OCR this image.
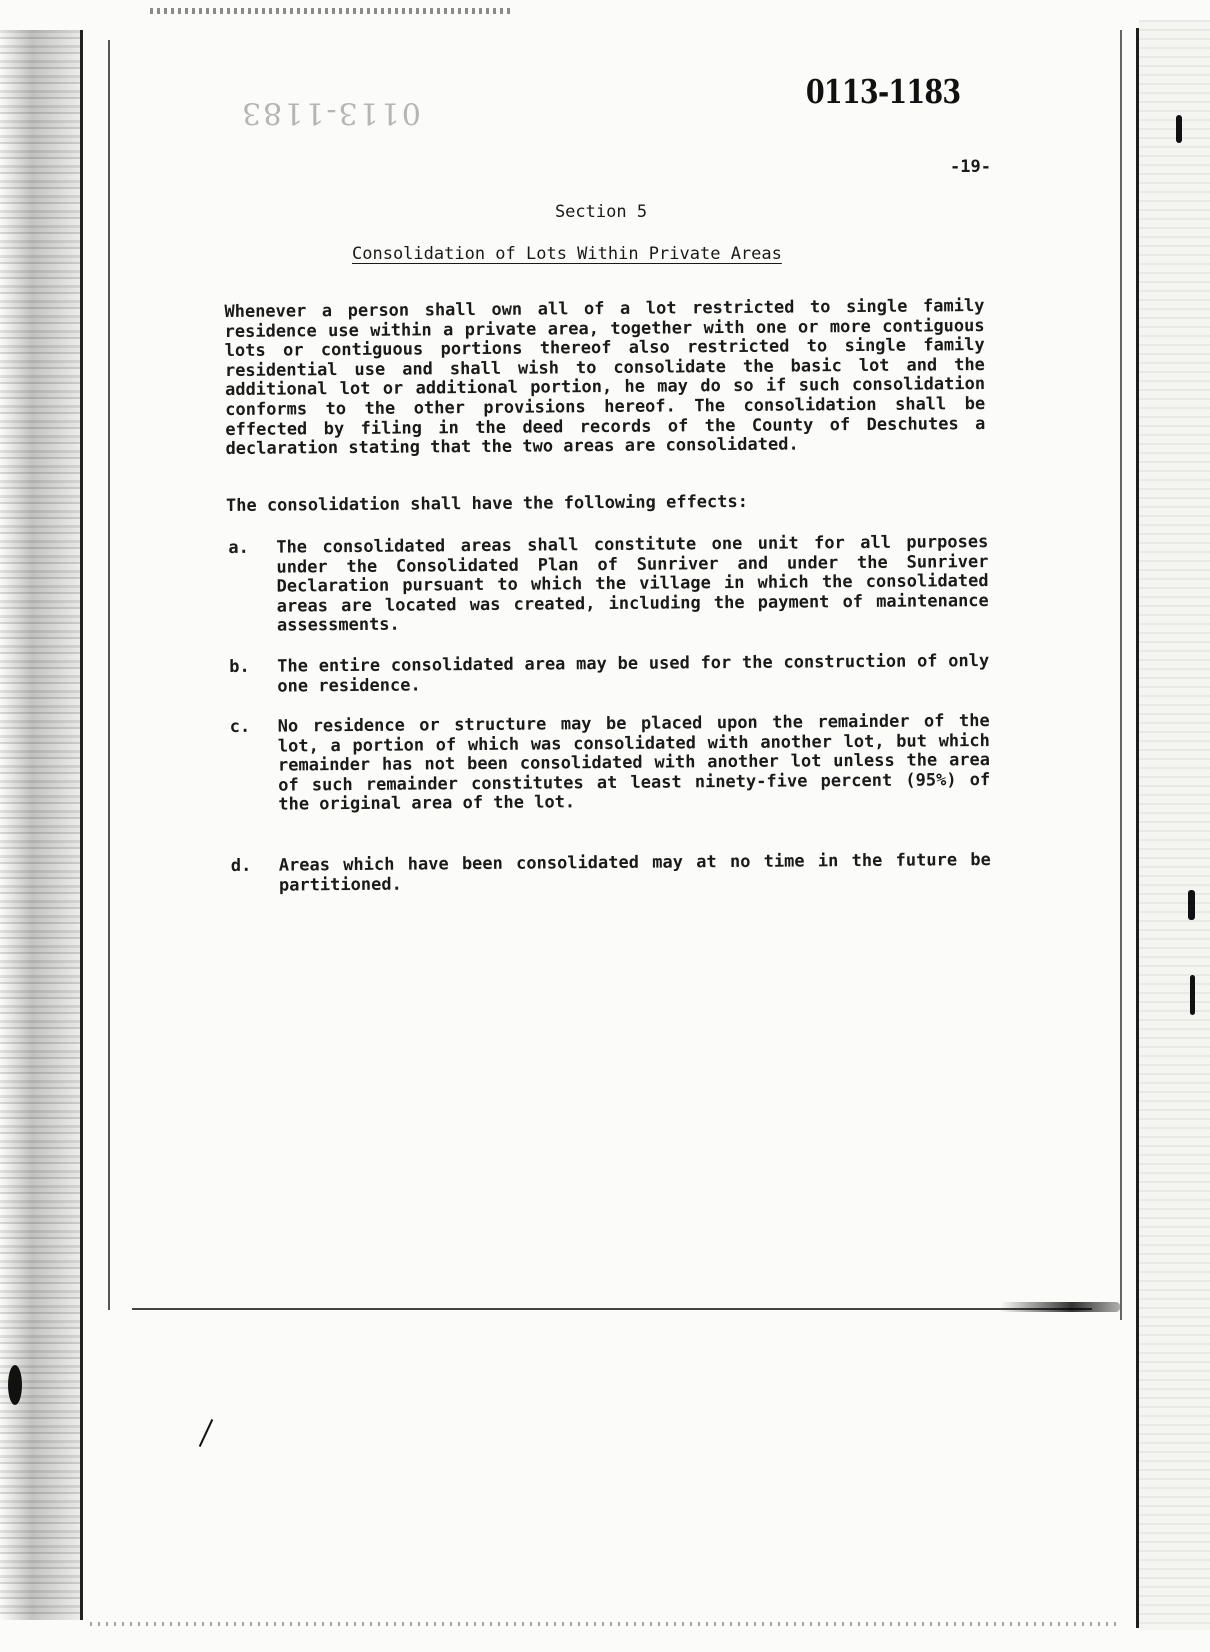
0113-1183
0113-1183
-19-
Section 5
Consolidation of Lots Within Private Areas

Whenever a person shall own all of a lot restricted to single family residence use within a private area, together with one or more contiguous lots or contiguous portions thereof also restricted to single family residential use and shall wish to consolidate the basic lot and the additional lot or additional portion, he may do so if such consolidation conforms to the other provisions hereof. The consolidation shall be effected by filing in the deed records of the County of Deschutes a declaration stating that the two areas are consolidated.

The consolidation shall have the following effects:

a. The consolidated areas shall constitute one unit for all purposes under the Consolidated Plan of Sunriver and under the Sunriver Declaration pursuant to which the village in which the consolidated areas are located was created, including the payment of maintenance assessments.

b. The entire consolidated area may be used for the construction of only one residence.

c. No residence or structure may be placed upon the remainder of the lot, a portion of which was consolidated with another lot, but which remainder has not been consolidated with another lot unless the area of such remainder constitutes at least ninety-five percent (95%) of the original area of the lot.

d. Areas which have been consolidated may at no time in the future be partitioned.
